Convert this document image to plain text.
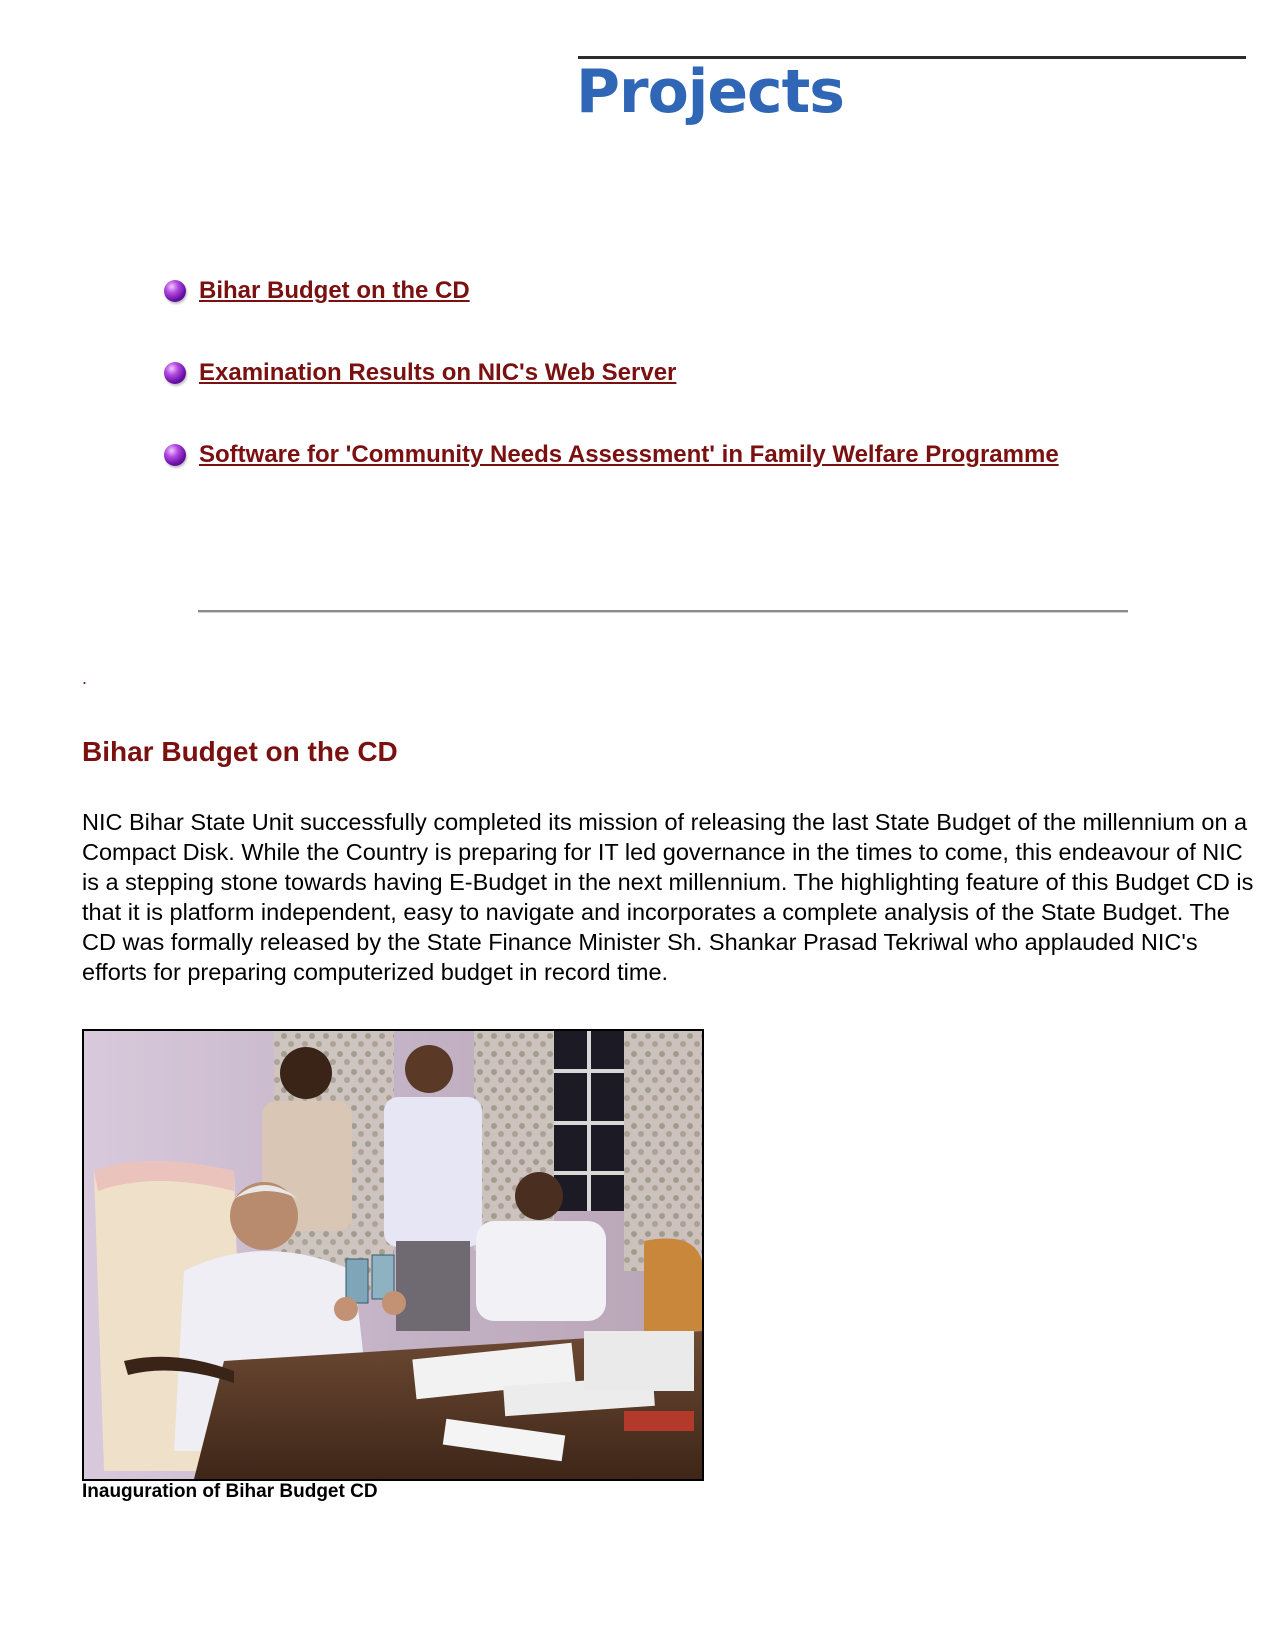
Projects
Bihar Budget on the CD
Examination Results on NIC's Web Server
Software for 'Community Needs Assessment' in Family Welfare Programme
.
Bihar Budget on the CD

NIC Bihar State Unit successfully completed its mission of releasing the last State Budget of the millennium on a Compact Disk. While the Country is preparing for IT led governance in the times to come, this endeavour of NIC is a stepping stone towards having E-Budget in the next millennium. The highlighting feature of this Budget CD is that it is platform independent, easy to navigate and incorporates a complete analysis of the State Budget. The CD was formally released by the State Finance Minister Sh. Shankar Prasad Tekriwal who applauded NIC's efforts for preparing computerized budget in record time.

Inauguration of Bihar Budget CD
